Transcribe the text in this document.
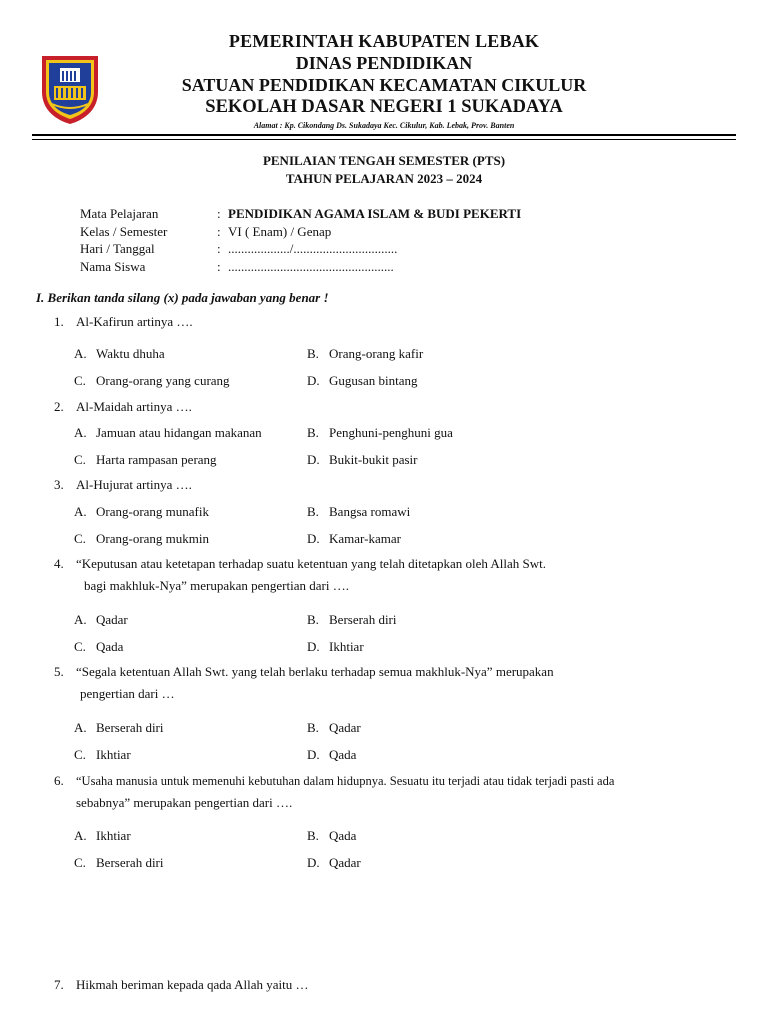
PEMERINTAH KABUPATEN LEBAK
DINAS PENDIDIKAN
SATUAN PENDIDIKAN KECAMATAN CIKULUR
SEKOLAH DASAR NEGERI 1 SUKADAYA
Alamat : Kp. Cikondang Ds. Sukadaya Kec. Cikulur, Kab. Lebak, Prov. Banten
PENILAIAN TENGAH SEMESTER (PTS)
TAHUN PELAJARAN 2023 – 2024
Mata Pelajaran	: PENDIDIKAN AGAMA ISLAM & BUDI PEKERTI
Kelas / Semester	: VI ( Enam) / Genap
Hari / Tanggal	: .................../................................
Nama Siswa	: ...................................................
I. Berikan tanda silang (x) pada jawaban yang benar !
1. Al-Kafirun artinya ….
A. Waktu dhuha	B. Orang-orang kafir
C. Orang-orang yang curang	D. Gugusan bintang
2. Al-Maidah artinya ….
A. Jamuan atau hidangan makanan	B. Penghuni-penghuni gua
C. Harta rampasan perang	D. Bukit-bukit pasir
3. Al-Hujurat artinya ….
A. Orang-orang munafik	B. Bangsa romawi
C. Orang-orang mukmin	D. Kamar-kamar
4. “Keputusan atau ketetapan terhadap suatu ketentuan yang telah ditetapkan oleh Allah Swt.
bagi makhluk-Nya” merupakan pengertian dari ….
A. Qadar	B. Berserah diri
C. Qada	D. Ikhtiar
5. “Segala ketentuan Allah Swt. yang telah berlaku terhadap semua makhluk-Nya” merupakan
pengertian dari …
A. Berserah diri	B. Qadar
C. Ikhtiar	D. Qada
6. “Usaha manusia untuk memenuhi kebutuhan dalam hidupnya. Sesuatu itu terjadi atau tidak terjadi pasti ada
sebabnya” merupakan pengertian dari ….
A. Ikhtiar	B. Qada
C. Berserah diri	D. Qadar
7. Hikmah beriman kepada qada Allah yaitu …
